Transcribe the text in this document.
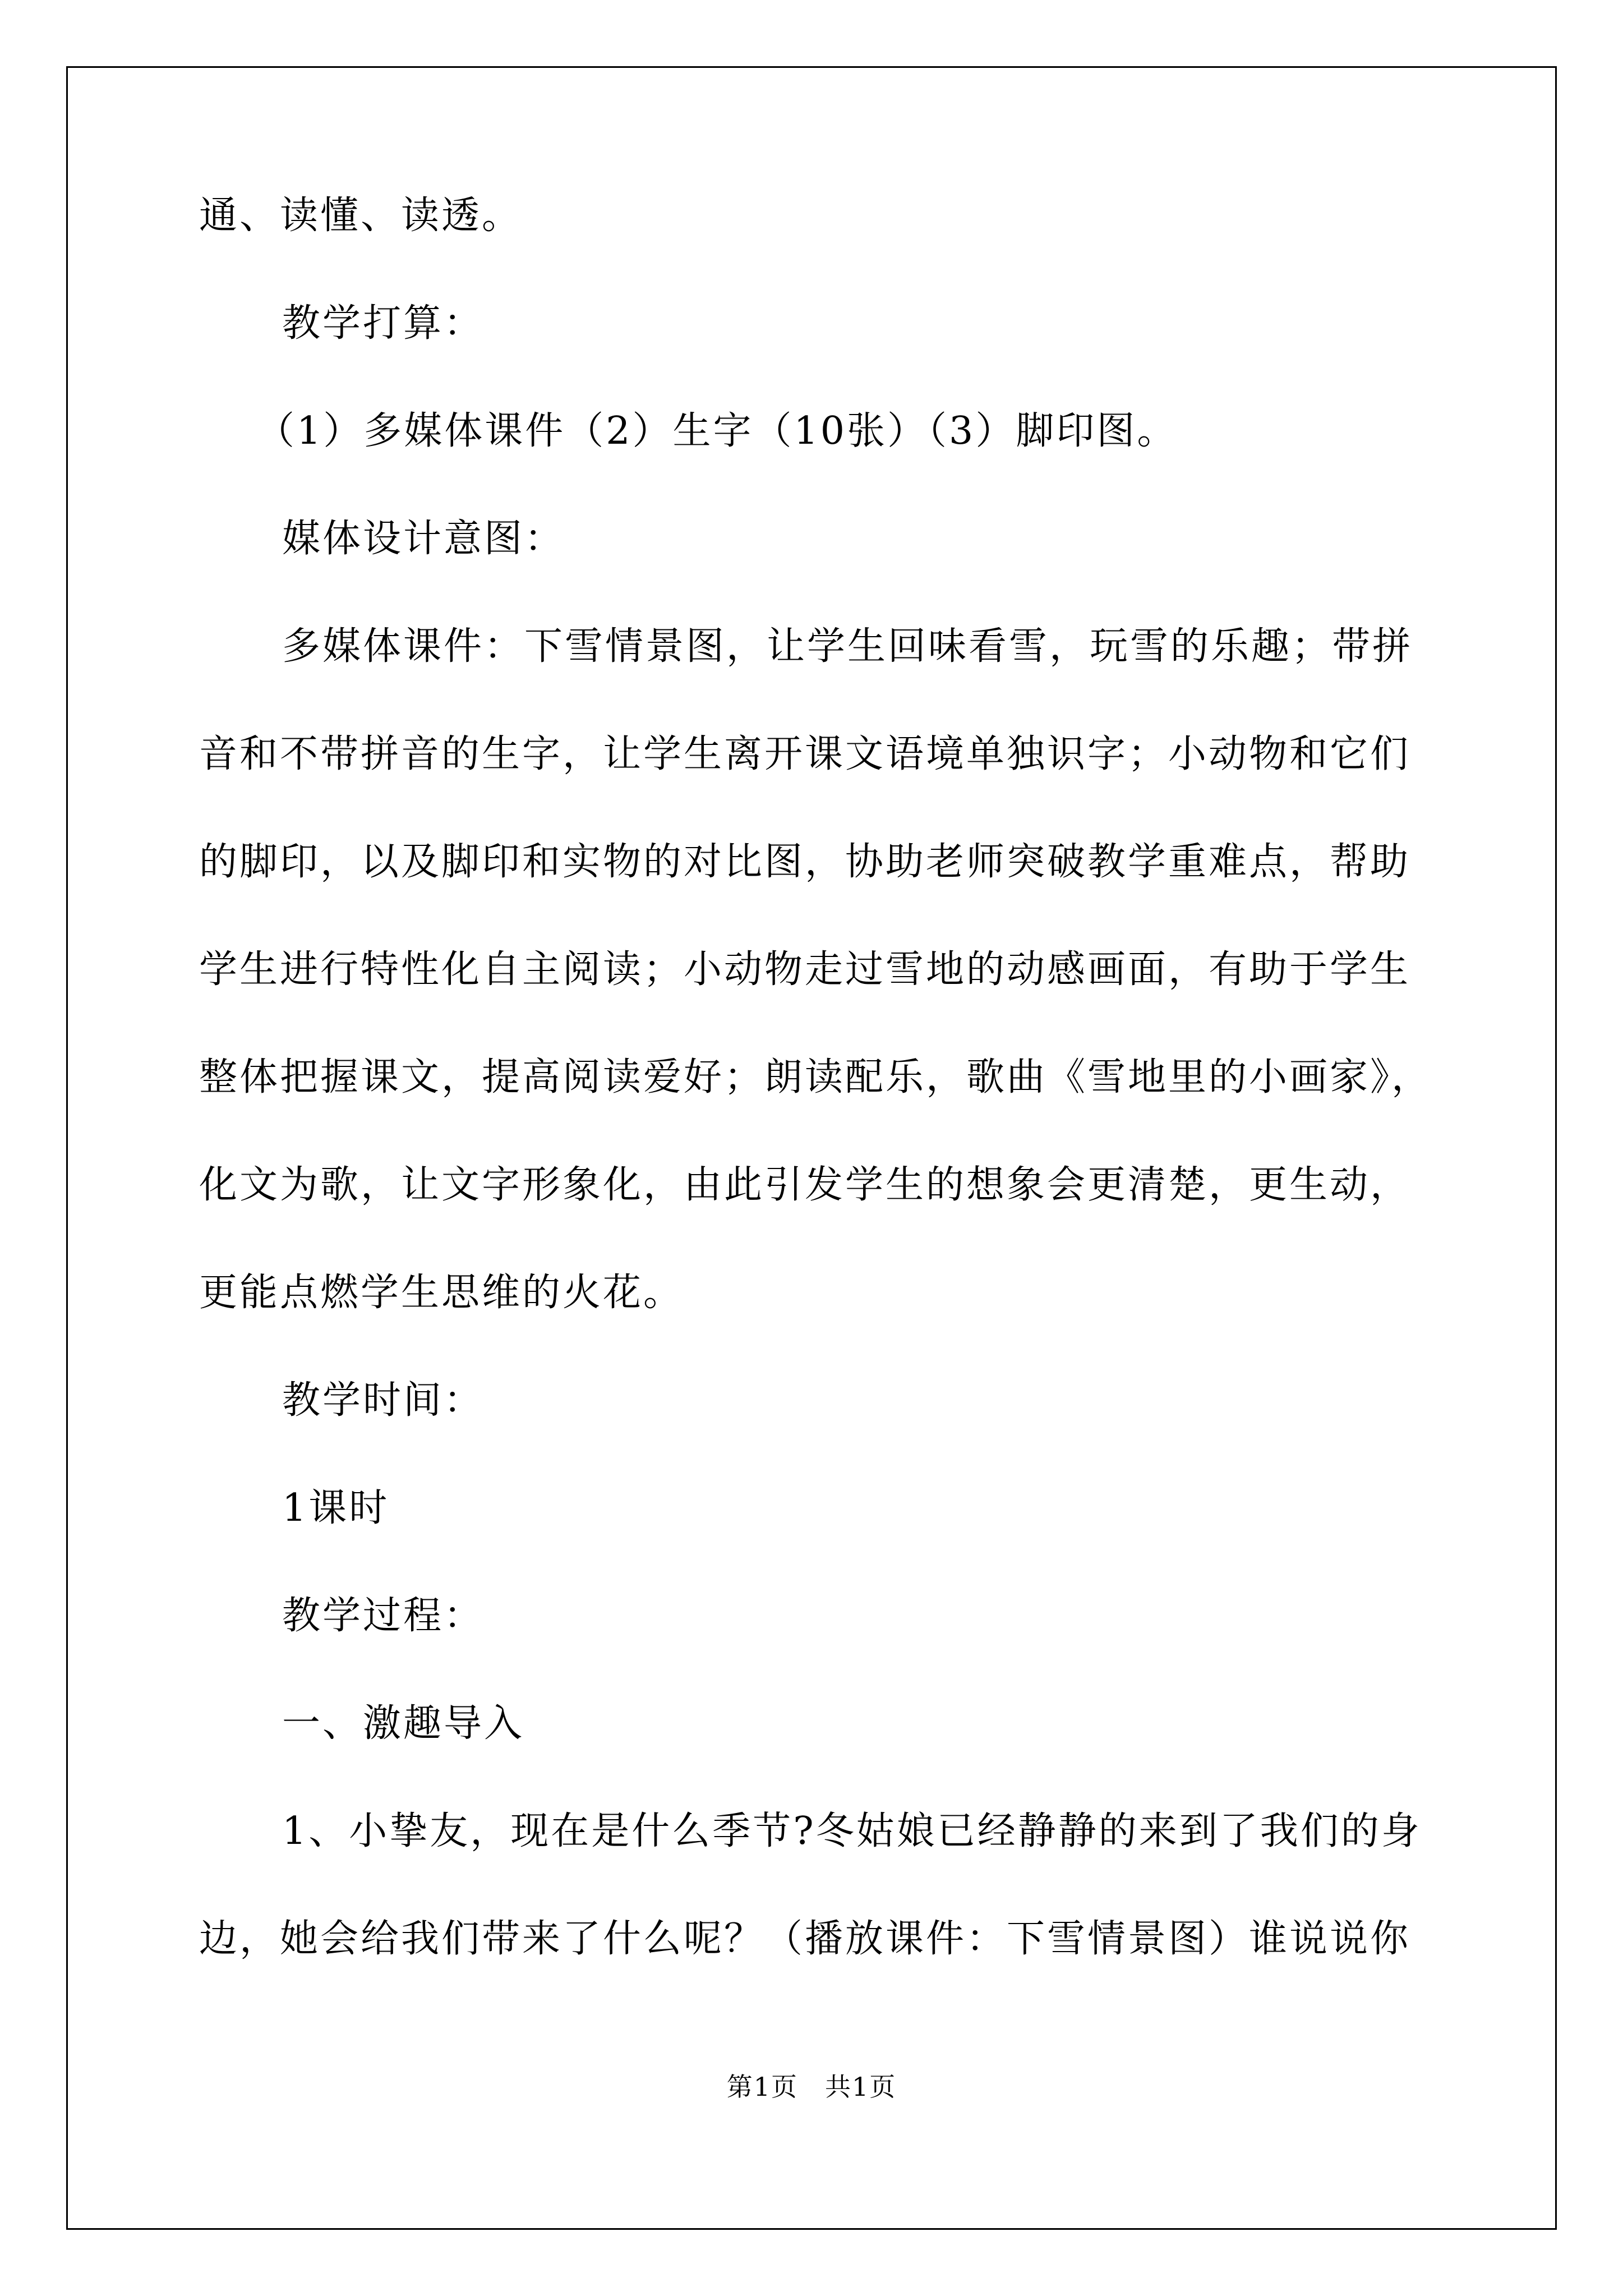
通、读懂、读透。
教学打算：
（1）多媒体课件（2）生字（10张）（3）脚印图。
媒体设计意图：
多媒体课件：下雪情景图，让学生回味看雪，玩雪的乐趣；带拼
音和不带拼音的生字，让学生离开课文语境单独识字；小动物和它们
的脚印，以及脚印和实物的对比图，协助老师突破教学重难点，帮助
学生进行特性化自主阅读；小动物走过雪地的动感画面，有助于学生
整体把握课文，提高阅读爱好；朗读配乐，歌曲《雪地里的小画家》，
化文为歌，让文字形象化，由此引发学生的想象会更清楚，更生动，
更能点燃学生思维的火花。
教学时间：
1课时
教学过程：
一、激趣导入
1、小挚友，现在是什么季节?冬姑娘已经静静的来到了我们的身
边，她会给我们带来了什么呢？（播放课件：下雪情景图）谁说说你
第1页　共1页
